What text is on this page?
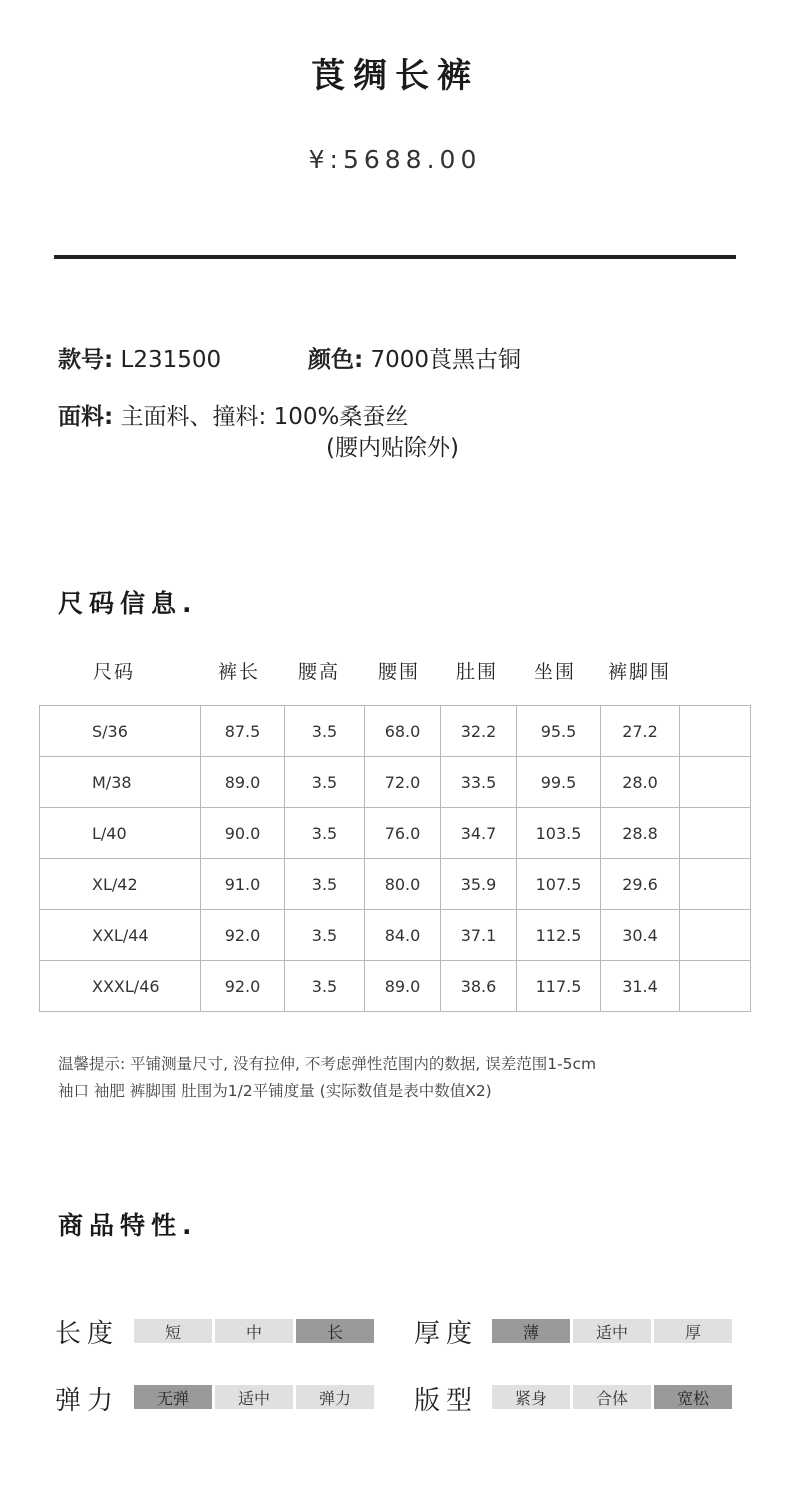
莨绸长裤
¥:5688.00
款号: L231500	颜色: 7000莨黑古铜
面料: 主面料、撞料: 100%桑蚕丝
(腰内贴除外)
尺码信息.
尺码	裤长 腰高 腰围 肚围 坐围 裤脚围
S/36	87.5	3.5	68.0	32.2	95.5	27.2	
M/38	89.0	3.5	72.0	33.5	99.5	28.0	
L/40	90.0	3.5	76.0	34.7	103.5	28.8	
XL/42	91.0	3.5	80.0	35.9	107.5	29.6	
XXL/44	92.0	3.5	84.0	37.1	112.5	30.4	
XXXL/46	92.0	3.5	89.0	38.6	117.5	31.4	
温馨提示: 平铺测量尺寸, 没有拉伸, 不考虑弹性范围内的数据, 误差范围1-5cm
袖口 袖肥 裤脚围 肚围为1/2平铺度量 (实际数值是表中数值X2)
商品特性.
长度	短	中	长	厚度	薄	适中	厚
弹力	无弹	适中	弹力	版型	紧身	合体	宽松
